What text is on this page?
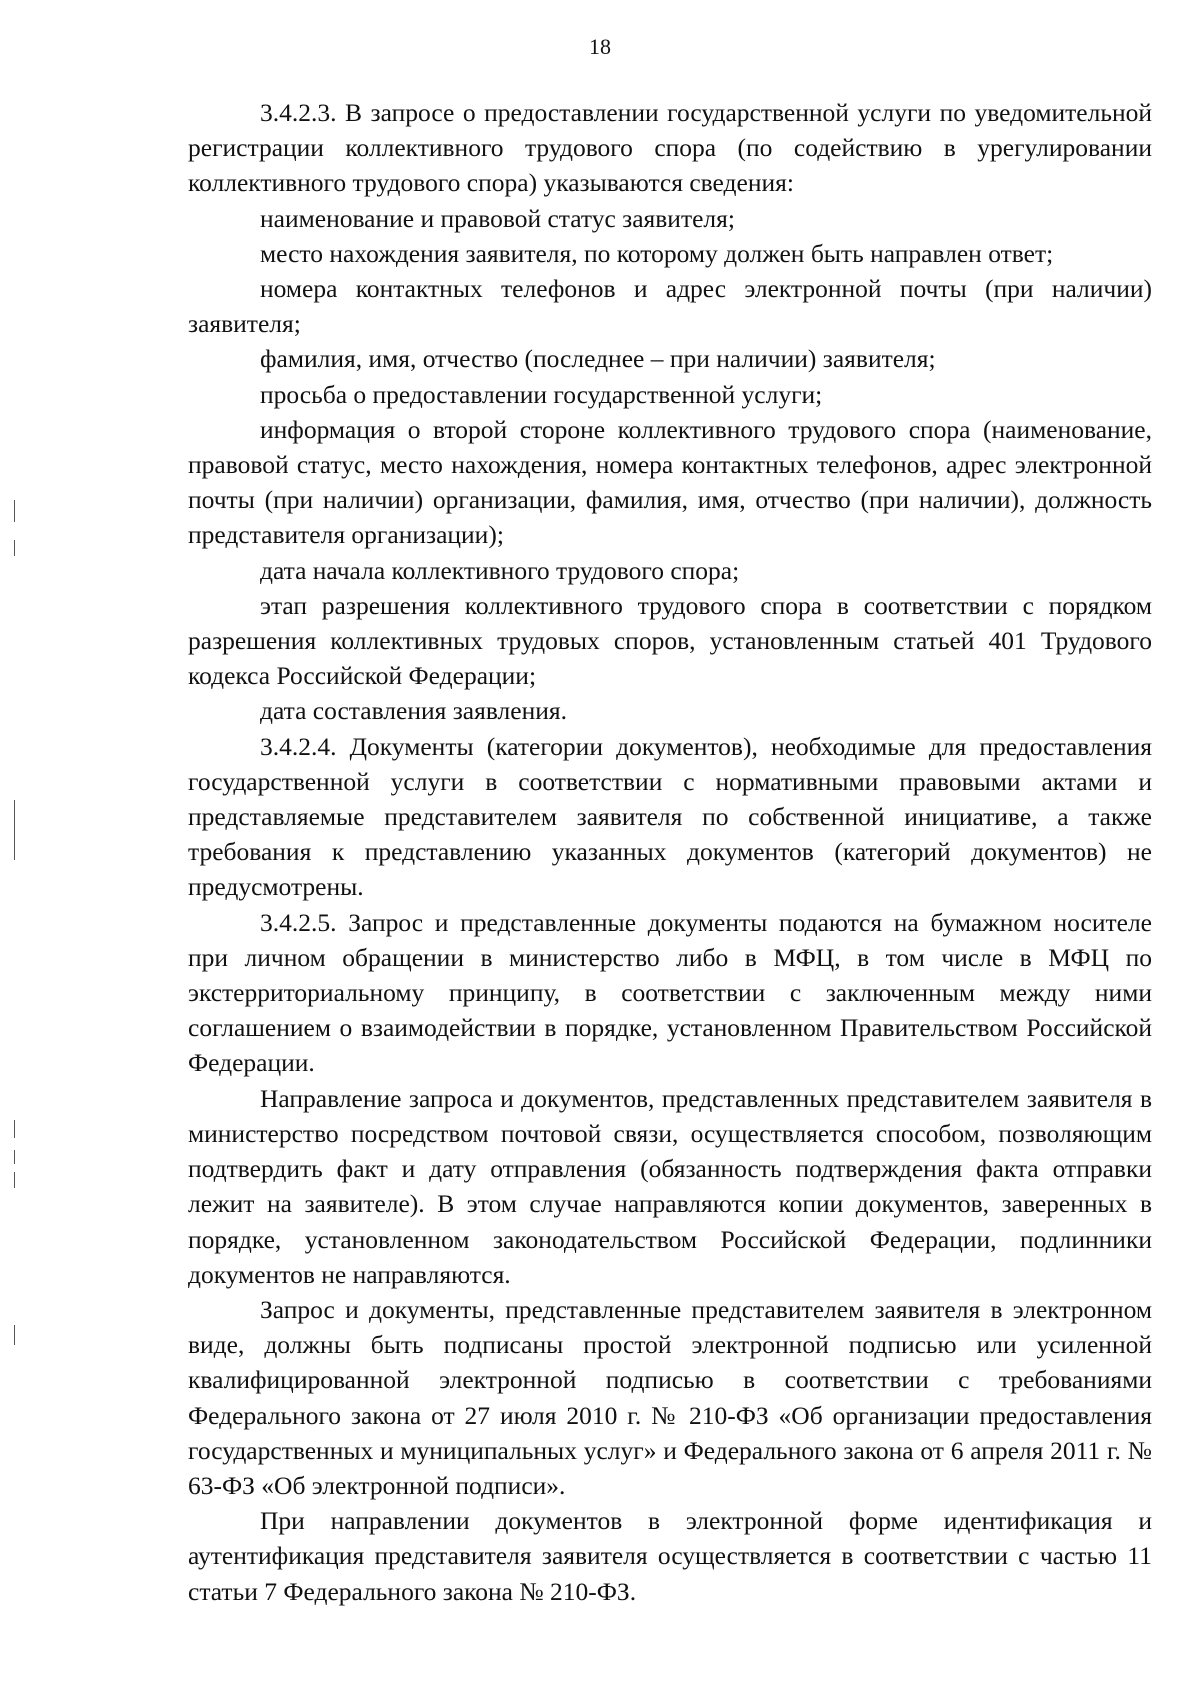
18

3.4.2.3. В запросе о предоставлении государственной услуги по уведомительной регистрации коллективного трудового спора (по содействию в урегулировании коллективного трудового спора) указываются сведения:

наименование и правовой статус заявителя;

место нахождения заявителя, по которому должен быть направлен ответ;

номера контактных телефонов и адрес электронной почты (при наличии) заявителя;

фамилия, имя, отчество (последнее – при наличии) заявителя;

просьба о предоставлении государственной услуги;

информация о второй стороне коллективного трудового спора (наименование, правовой статус, место нахождения, номера контактных телефонов, адрес электронной почты (при наличии) организации, фамилия, имя, отчество (при наличии), должность представителя организации);

дата начала коллективного трудового спора;

этап разрешения коллективного трудового спора в соответствии с порядком разрешения коллективных трудовых споров, установленным статьей 401 Трудового кодекса Российской Федерации;

дата составления заявления.

3.4.2.4. Документы (категории документов), необходимые для предоставления государственной услуги в соответствии с нормативными правовыми актами и представляемые представителем заявителя по собственной инициативе, а также требования к представлению указанных документов (категорий документов) не предусмотрены.

3.4.2.5. Запрос и представленные документы подаются на бумажном носителе при личном обращении в министерство либо в МФЦ, в том числе в МФЦ по экстерриториальному принципу, в соответствии с заключенным между ними соглашением о взаимодействии в порядке, установленном Правительством Российской Федерации.

Направление запроса и документов, представленных представителем заявителя в министерство посредством почтовой связи, осуществляется способом, позволяющим подтвердить факт и дату отправления (обязанность подтверждения факта отправки лежит на заявителе). В этом случае направляются копии документов, заверенных в порядке, установленном законодательством Российской Федерации, подлинники документов не направляются.

Запрос и документы, представленные представителем заявителя в электронном виде, должны быть подписаны простой электронной подписью или усиленной квалифицированной электронной подписью в соответствии с требованиями Федерального закона от 27 июля 2010 г. № 210-ФЗ «Об организации предоставления государственных и муниципальных услуг» и Федерального закона от 6 апреля 2011 г. № 63-ФЗ «Об электронной подписи».

При направлении документов в электронной форме идентификация и аутентификация представителя заявителя осуществляется в соответствии с частью 11 статьи 7 Федерального закона № 210-ФЗ.
